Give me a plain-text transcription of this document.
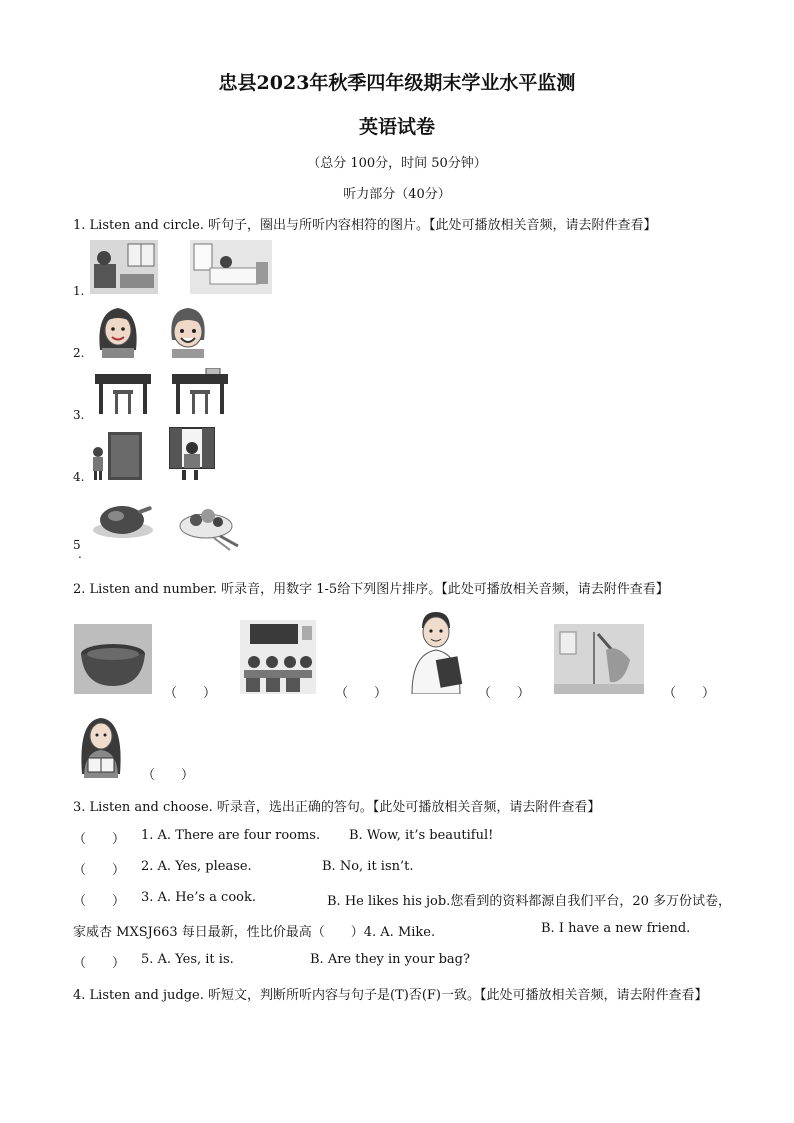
忠县2023年秋季四年级期末学业水平监测
英语试卷
（总分 100分，时间 50分钟）
听力部分（40分）
1. Listen and circle. 听句子，圈出与所听内容相符的图片。【此处可播放相关音频，请去附件查看】
1.
2.
3.
4.
5
.
2. Listen and number. 听录音，用数字 1-5给下列图片排序。【此处可播放相关音频，请去附件查看】
（　　）	（　　）	（　　）	（　　）
（　　）
3. Listen and choose. 听录音，选出正确的答句。【此处可播放相关音频，请去附件查看】
（　　） 1. A. There are four rooms. B. Wow, it’s beautiful!
（　　） 2. A. Yes, please.	B. No, it isn’t.
（　　） 3. A. He’s a cook.	B. He likes his job.您看到的资料都源自我们平台，20 多万份试卷，
家威杏 MXSJ663 每日最新，性比价最高（　　）4. A. Mike.	B. I have a new friend.
（　　） 5. A. Yes, it is.	B. Are they in your bag?
4. Listen and judge. 听短文，判断所听内容与句子是(T)否(F)一致。【此处可播放相关音频，请去附件查看】
